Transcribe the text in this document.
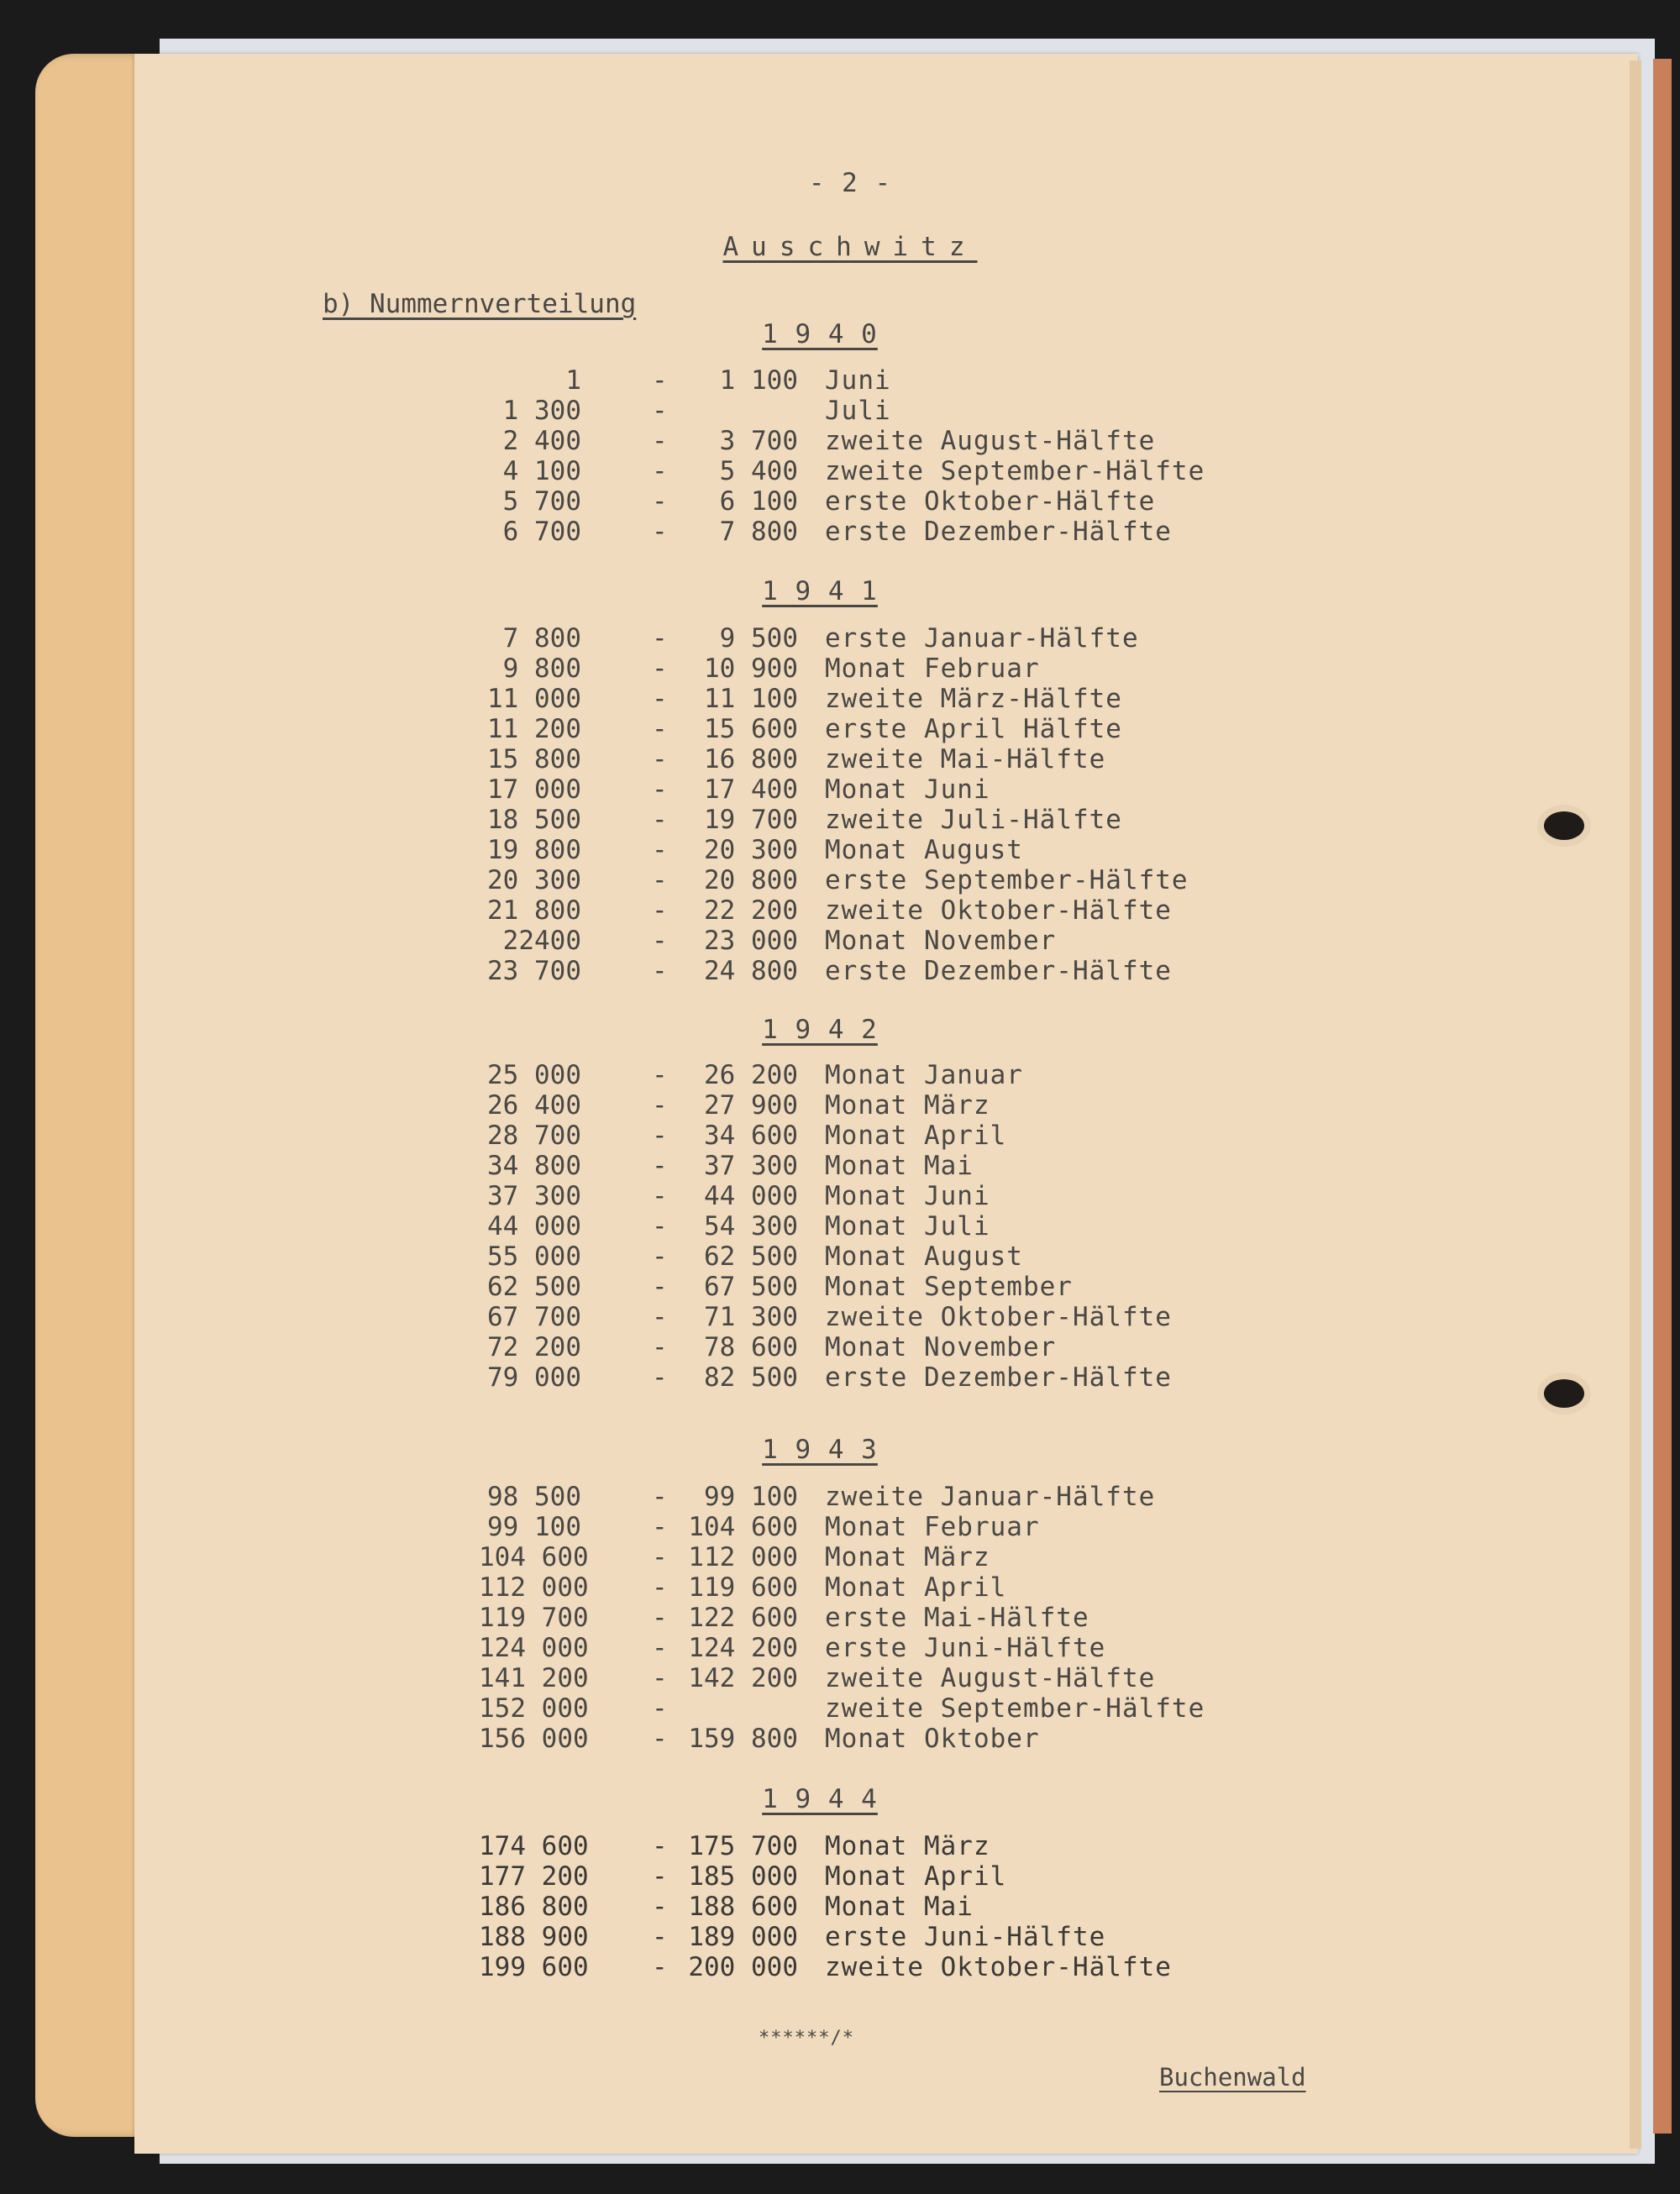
- 2 -
Auschwitz
b) Nummernverteilung
1 9 4 0
1	-	1 100 Juni
1 300	-	Juli
2 400	-	3 700 zweite August-Hälfte
4 100	-	5 400 zweite September-Hälfte
5 700	-	6 100 erste Oktober-Hälfte
6 700	-	7 800 erste Dezember-Hälfte
1 9 4 1
7 800	-	9 500 erste Januar-Hälfte
9 800	-	10 900 Monat Februar
11 000	-	11 100 zweite März-Hälfte
11 200	-	15 600 erste April Hälfte
15 800	-	16 800 zweite Mai-Hälfte
17 000	-	17 400 Monat Juni
18 500	-	19 700 zweite Juli-Hälfte
19 800	-	20 300 Monat August
20 300	-	20 800 erste September-Hälfte
21 800	-	22 200 zweite Oktober-Hälfte
22400	-	23 000 Monat November
23 700	-	24 800 erste Dezember-Hälfte
1 9 4 2
25 000	-	26 200 Monat Januar
26 400	-	27 900 Monat März
28 700	-	34 600 Monat April
34 800	-	37 300 Monat Mai
37 300	-	44 000 Monat Juni
44 000	-	54 300 Monat Juli
55 000	-	62 500 Monat August
62 500	-	67 500 Monat September
67 700	-	71 300 zweite Oktober-Hälfte
72 200	-	78 600 Monat November
79 000	-	82 500 erste Dezember-Hälfte
1 9 4 3
98 500	-	99 100 zweite Januar-Hälfte
99 100	- 104 600 Monat Februar
104 600 - 112 000 Monat März
112 000 - 119 600 Monat April
119 700 - 122 600 erste Mai-Hälfte
124 000 - 124 200 erste Juni-Hälfte
141 200 - 142 200 zweite August-Hälfte
152 000 -	zweite September-Hälfte
156 000 - 159 800 Monat Oktober
1 9 4 4
174 600 - 175 700 Monat März
177 200 - 185 000 Monat April
186 800 - 188 600 Monat Mai
188 900 - 189 000 erste Juni-Hälfte
199 600 - 200 000 zweite Oktober-Hälfte
******/*
Buchenwald
